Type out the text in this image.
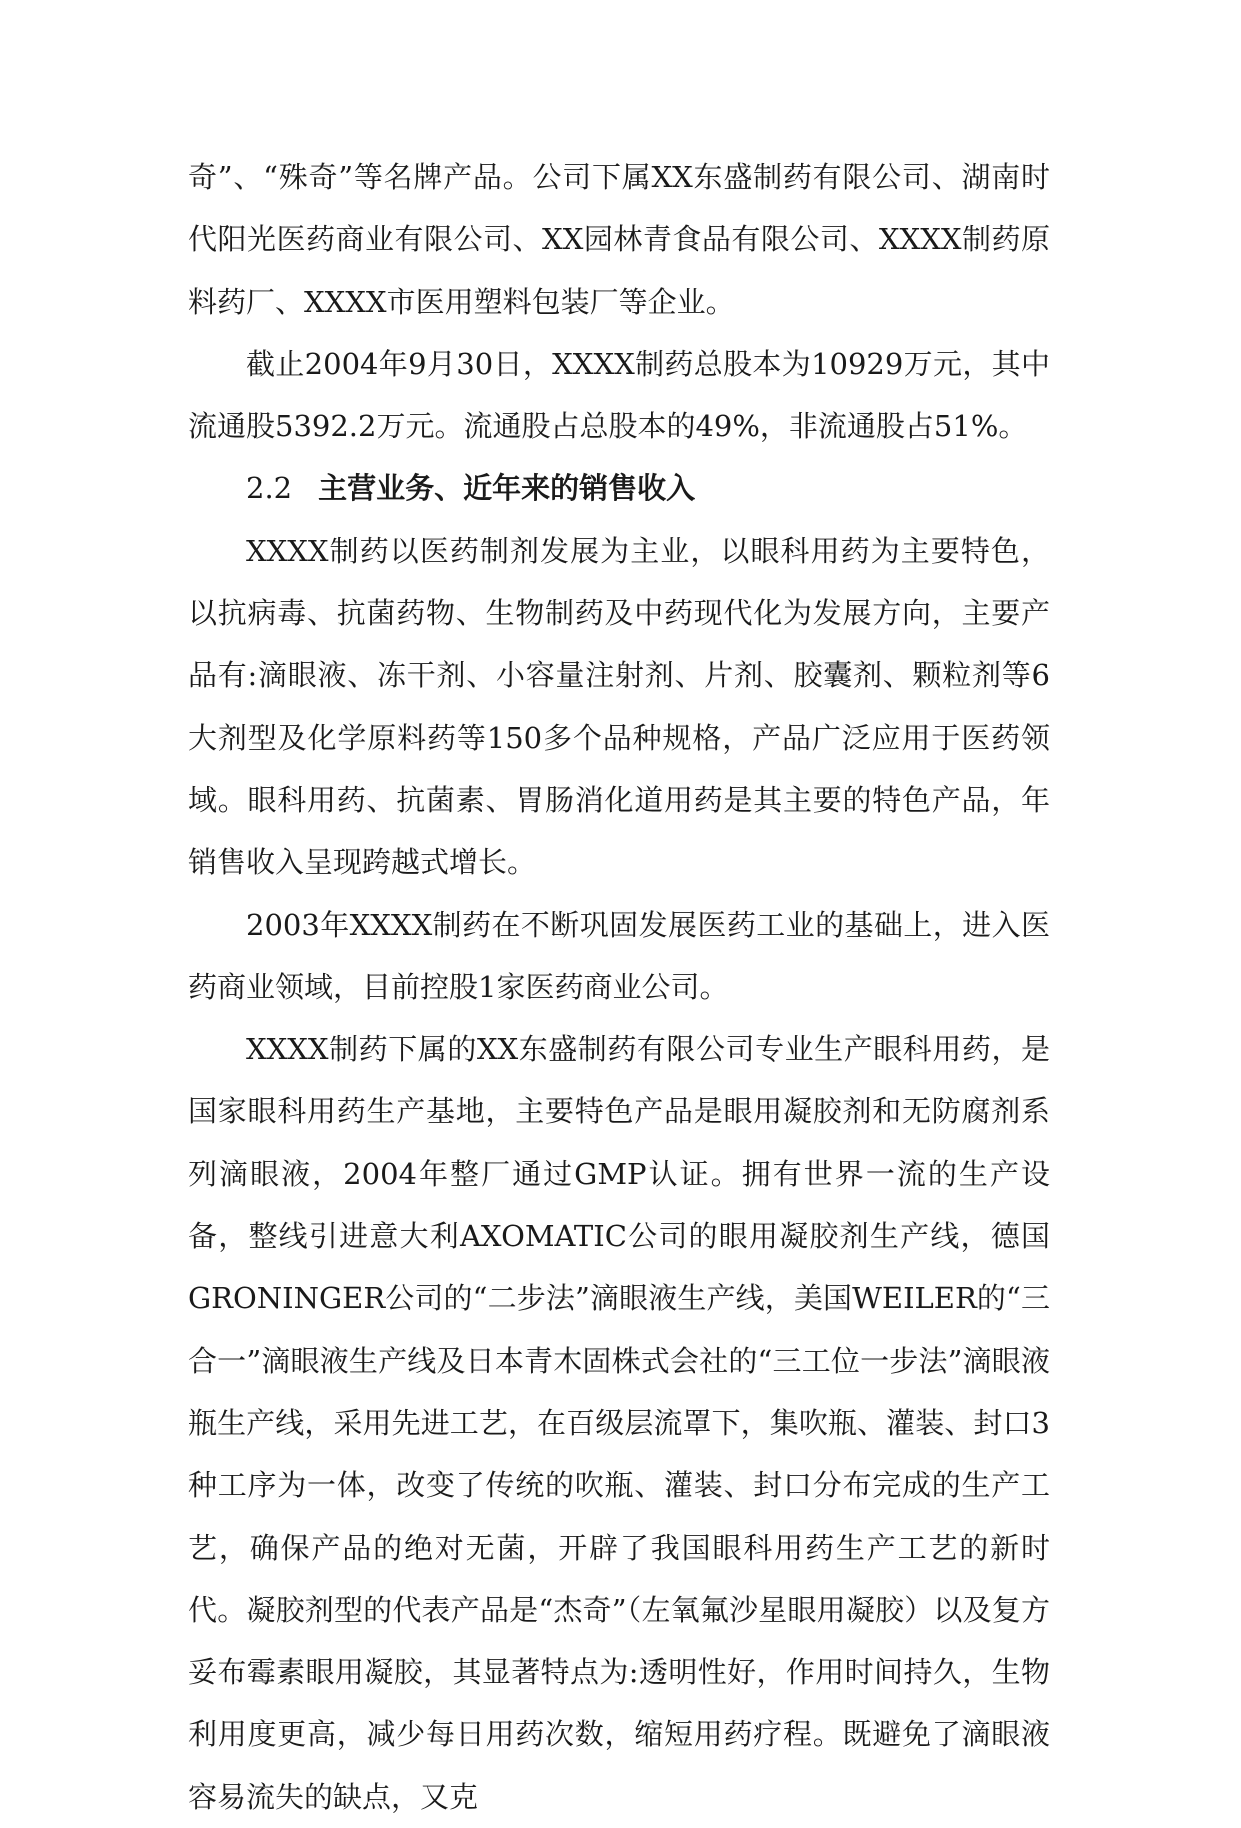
奇”、“殊奇”等名牌产品。公司下属XX东盛制药有限公司、湖南时代阳光医药商业有限公司、XX园林青食品有限公司、XXXX制药原料药厂、XXXX市医用塑料包装厂等企业。

截止2004年9月30日，XXXX制药总股本为10929万元，其中流通股5392.2万元。流通股占总股本的49%，非流通股占51%。

2.2 主营业务、近年来的销售收入

XXXX制药以医药制剂发展为主业，以眼科用药为主要特色，以抗病毒、抗菌药物、生物制药及中药现代化为发展方向，主要产品有:滴眼液、冻干剂、小容量注射剂、片剂、胶囊剂、颗粒剂等6大剂型及化学原料药等150多个品种规格，产品广泛应用于医药领域。眼科用药、抗菌素、胃肠消化道用药是其主要的特色产品，年销售收入呈现跨越式增长。

2003年XXXX制药在不断巩固发展医药工业的基础上，进入医药商业领域，目前控股1家医药商业公司。

XXXX制药下属的XX东盛制药有限公司专业生产眼科用药，是国家眼科用药生产基地，主要特色产品是眼用凝胶剂和无防腐剂系列滴眼液，2004年整厂通过GMP认证。拥有世界一流的生产设备，整线引进意大利AXOMATIC公司的眼用凝胶剂生产线，德国GRONINGER公司的“二步法”滴眼液生产线，美国WEILER的“三合一”滴眼液生产线及日本青木固株式会社的“三工位一步法”滴眼液瓶生产线，采用先进工艺，在百级层流罩下，集吹瓶、灌装、封口3种工序为一体，改变了传统的吹瓶、灌装、封口分布完成的生产工艺，确保产品的绝对无菌，开辟了我国眼科用药生产工艺的新时代。凝胶剂型的代表产品是“杰奇”（左氧氟沙星眼用凝胶）以及复方妥布霉素眼用凝胶，其显著特点为:透明性好，作用时间持久，生物利用度更高，减少每日用药次数，缩短用药疗程。既避免了滴眼液容易流失的缺点，又克
